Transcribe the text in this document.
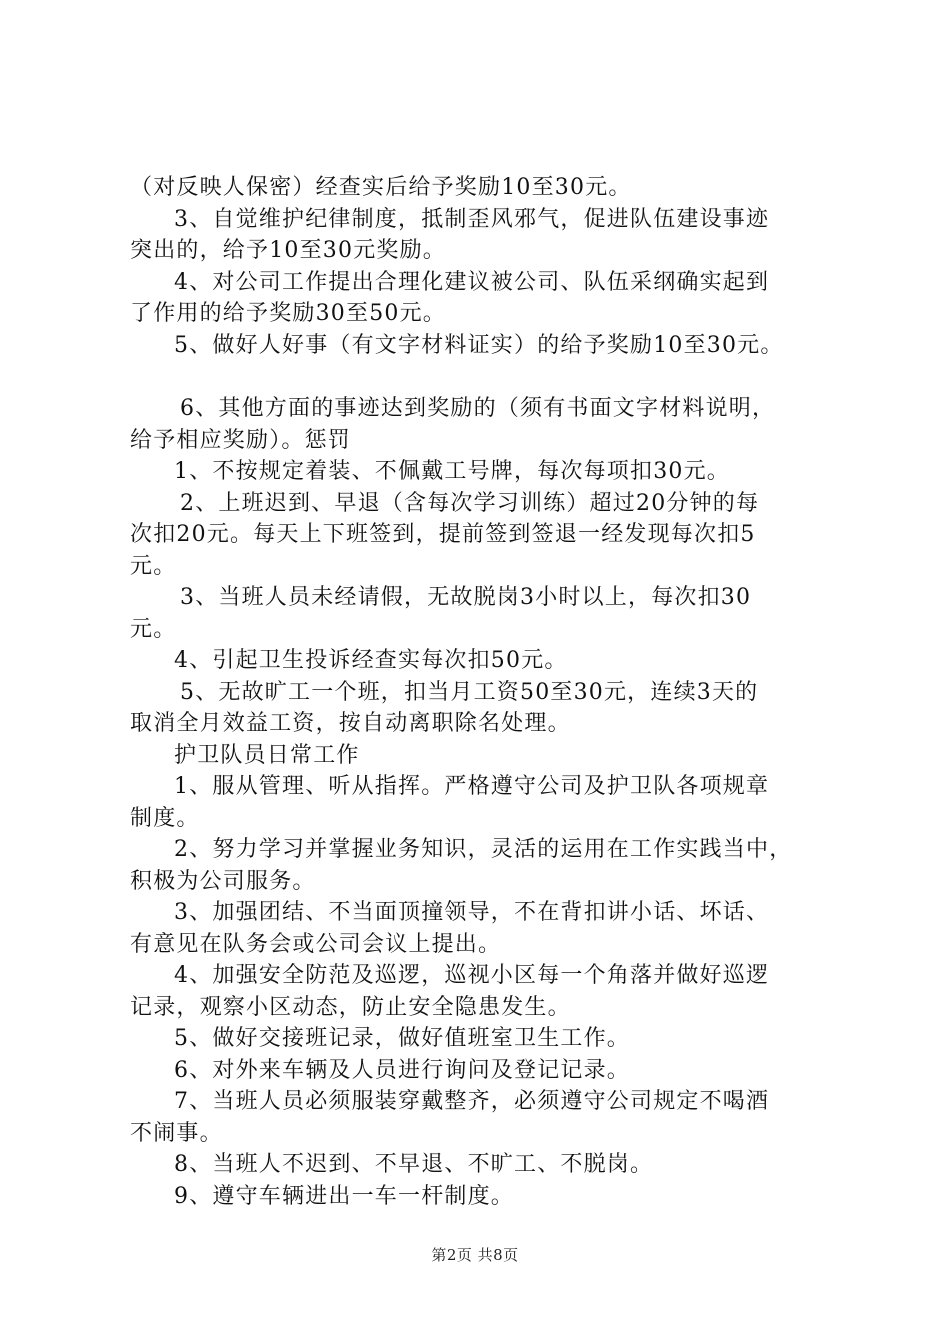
（对反映人保密）经查实后给予奖励10至30元。
3、自觉维护纪律制度，抵制歪风邪气，促进队伍建设事迹
突出的，给予10至30元奖励。
4、对公司工作提出合理化建议被公司、队伍采纲确实起到
了作用的给予奖励30至50元。
5、做好人好事（有文字材料证实）的给予奖励10至30元。
6、其他方面的事迹达到奖励的（须有书面文字材料说明，
给予相应奖励）。惩罚
1、不按规定着装、不佩戴工号牌，每次每项扣30元。
2、上班迟到、早退（含每次学习训练）超过20分钟的每
次扣20元。每天上下班签到，提前签到签退一经发现每次扣5
元。
3、当班人员未经请假，无故脱岗3小时以上，每次扣30
元。
4、引起卫生投诉经查实每次扣50元。
5、无故旷工一个班，扣当月工资50至30元，连续3天的
取消全月效益工资，按自动离职除名处理。
护卫队员日常工作
1、服从管理、听从指挥。严格遵守公司及护卫队各项规章
制度。
2、努力学习并掌握业务知识，灵活的运用在工作实践当中，
积极为公司服务。
3、加强团结、不当面顶撞领导，不在背扣讲小话、坏话、
有意见在队务会或公司会议上提出。
4、加强安全防范及巡逻，巡视小区每一个角落并做好巡逻
记录，观察小区动态，防止安全隐患发生。
5、做好交接班记录，做好值班室卫生工作。
6、对外来车辆及人员进行询问及登记记录。
7、当班人员必须服装穿戴整齐，必须遵守公司规定不喝酒
不闹事。
8、当班人不迟到、不早退、不旷工、不脱岗。
9、遵守车辆进出一车一杆制度。
第2页 共8页
